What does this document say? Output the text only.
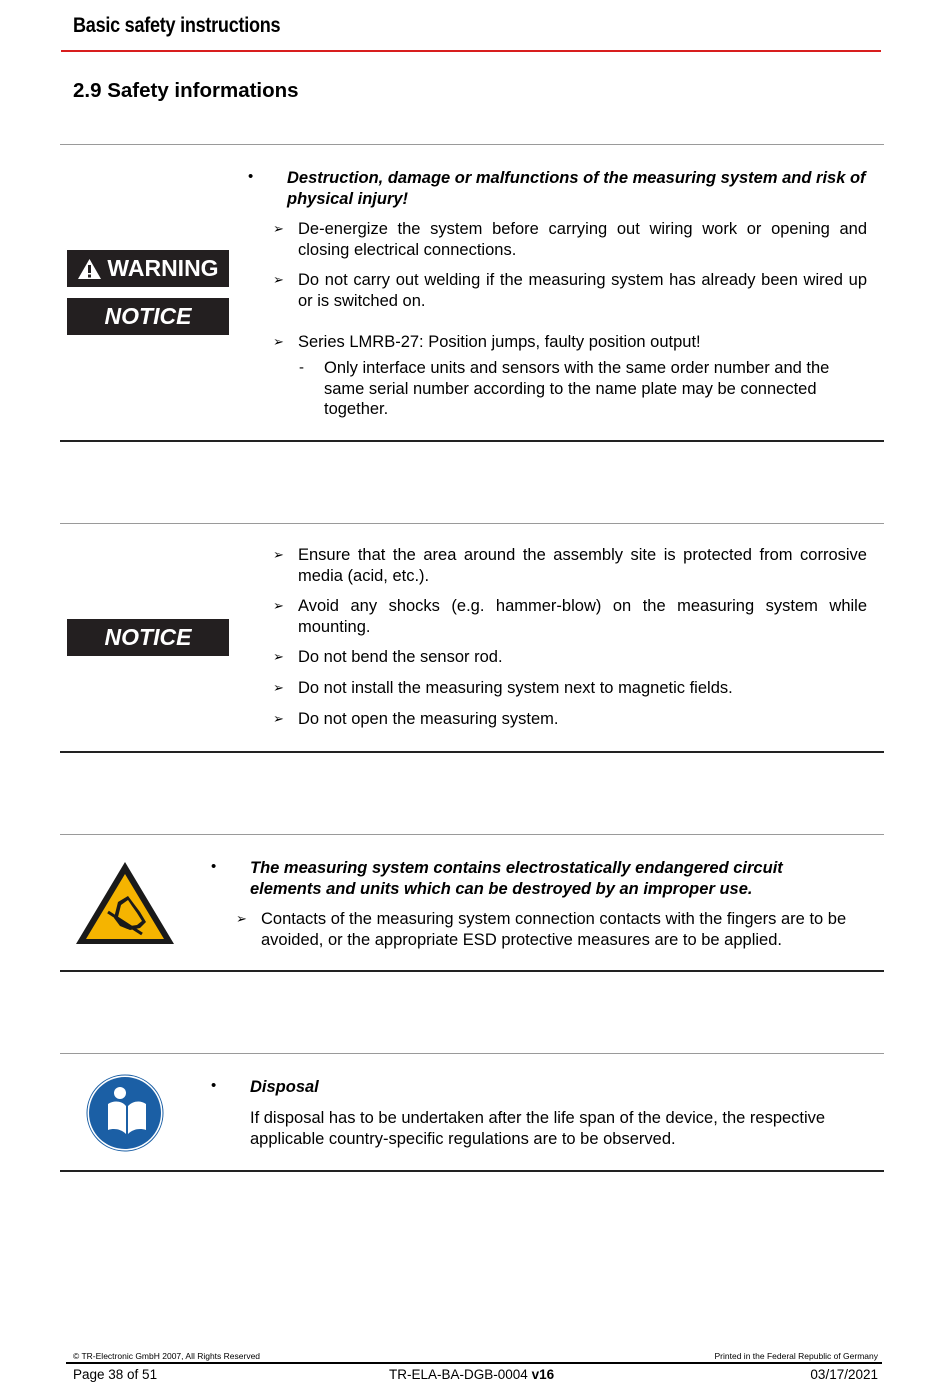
Basic safety instructions
2.9 Safety informations
WARNING
NOTICE
• Destruction, damage or malfunctions of the measuring system and risk of physical injury!
➢ De-energize the system before carrying out wiring work or opening and closing electrical connections.
➢ Do not carry out welding if the measuring system has already been wired up or is switched on.
➢ Series LMRB-27: Position jumps, faulty position output!
- Only interface units and sensors with the same order number and the same serial number according to the name plate may be connected together.
NOTICE
➢ Ensure that the area around the assembly site is protected from corrosive media (acid, etc.).
➢ Avoid any shocks (e.g. hammer-blow) on the measuring system while mounting.
➢ Do not bend the sensor rod.
➢ Do not install the measuring system next to magnetic fields.
➢ Do not open the measuring system.
• The measuring system contains electrostatically endangered circuit elements and units which can be destroyed by an improper use.
➢ Contacts of the measuring system connection contacts with the fingers are to be avoided, or the appropriate ESD protective measures are to be applied.
• Disposal
If disposal has to be undertaken after the life span of the device, the respective applicable country-specific regulations are to be observed.
© TR-Electronic GmbH 2007, All Rights Reserved	Printed in the Federal Republic of Germany
Page 38 of 51	TR-ELA-BA-DGB-0004 v16	03/17/2021
